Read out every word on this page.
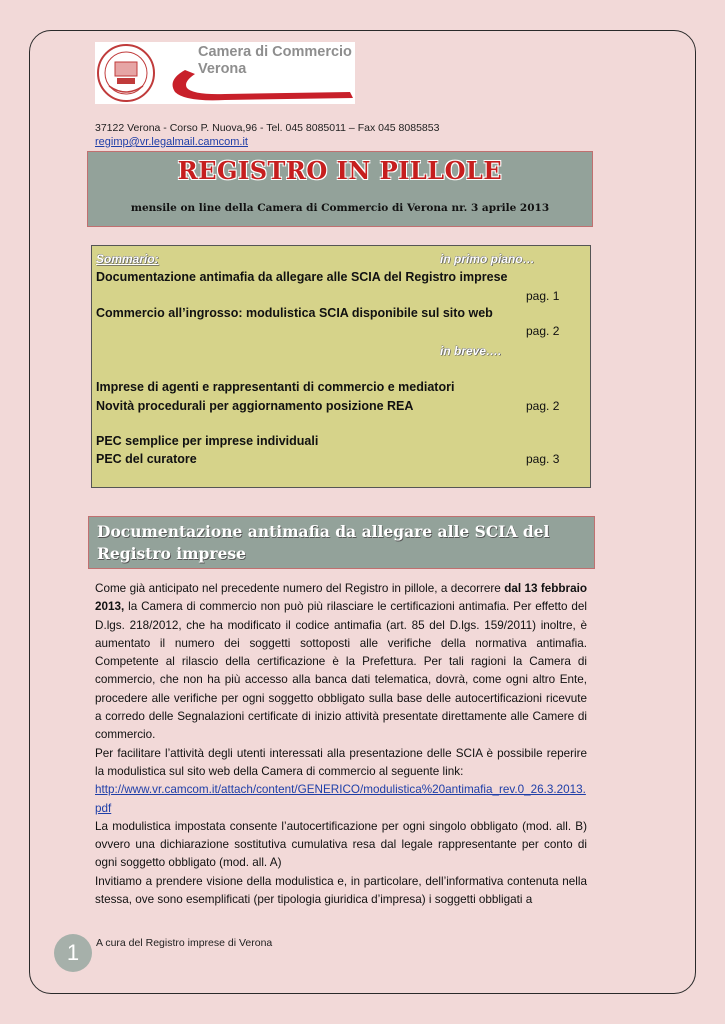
Camera di Commercio
Verona
37122 Verona - Corso P. Nuova,96 - Tel. 045 8085011 – Fax 045 8085853
regimp@vr.legalmail.camcom.it
REGISTRO IN PILLOLE
mensile on line della Camera di Commercio di Verona nr. 3 aprile 2013
Sommario:	in primo piano…
Documentazione antimafia da allegare alle SCIA del Registro imprese
pag. 1
Commercio all’ingrosso: modulistica SCIA disponibile sul sito web
pag. 2
in breve….
Imprese di agenti e rappresentanti di commercio e mediatori
Novità procedurali per aggiornamento posizione REA	pag. 2
PEC semplice per imprese individuali
PEC del curatore	pag. 3
Documentazione antimafia da allegare alle SCIA del Registro imprese

Come già anticipato nel precedente numero del Registro in pillole, a decorrere dal 13 febbraio 2013, la Camera di commercio non può più rilasciare le certificazioni antimafia. Per effetto del D.lgs. 218/2012, che ha modificato il codice antimafia (art. 85 del D.lgs. 159/2011) inoltre, è aumentato il numero dei soggetti sottoposti alle verifiche della normativa antimafia. Competente al rilascio della certificazione è la Prefettura. Per tali ragioni la Camera di commercio, che non ha più accesso alla banca dati telematica, dovrà, come ogni altro Ente, procedere alle verifiche per ogni soggetto obbligato sulla base delle autocertificazioni ricevute a corredo delle Segnalazioni certificate di inizio attività presentate direttamente alle Camere di commercio.

Per facilitare l’attività degli utenti interessati alla presentazione delle SCIA è possibile reperire la modulistica sul sito web della Camera di commercio al seguente link:

http://www.vr.camcom.it/attach/content/GENERICO/modulistica%20antimafia_rev.0_26.3.2013.pdf

La modulistica impostata consente l’autocertificazione per ogni singolo obbligato (mod. all. B) ovvero una dichiarazione sostitutiva cumulativa resa dal legale rappresentante per conto di ogni soggetto obbligato (mod. all. A)

Invitiamo a prendere visione della modulistica e, in particolare, dell’informativa contenuta nella stessa, ove sono esemplificati (per tipologia giuridica d’impresa) i soggetti obbligati a

1	A cura del Registro imprese di Verona
